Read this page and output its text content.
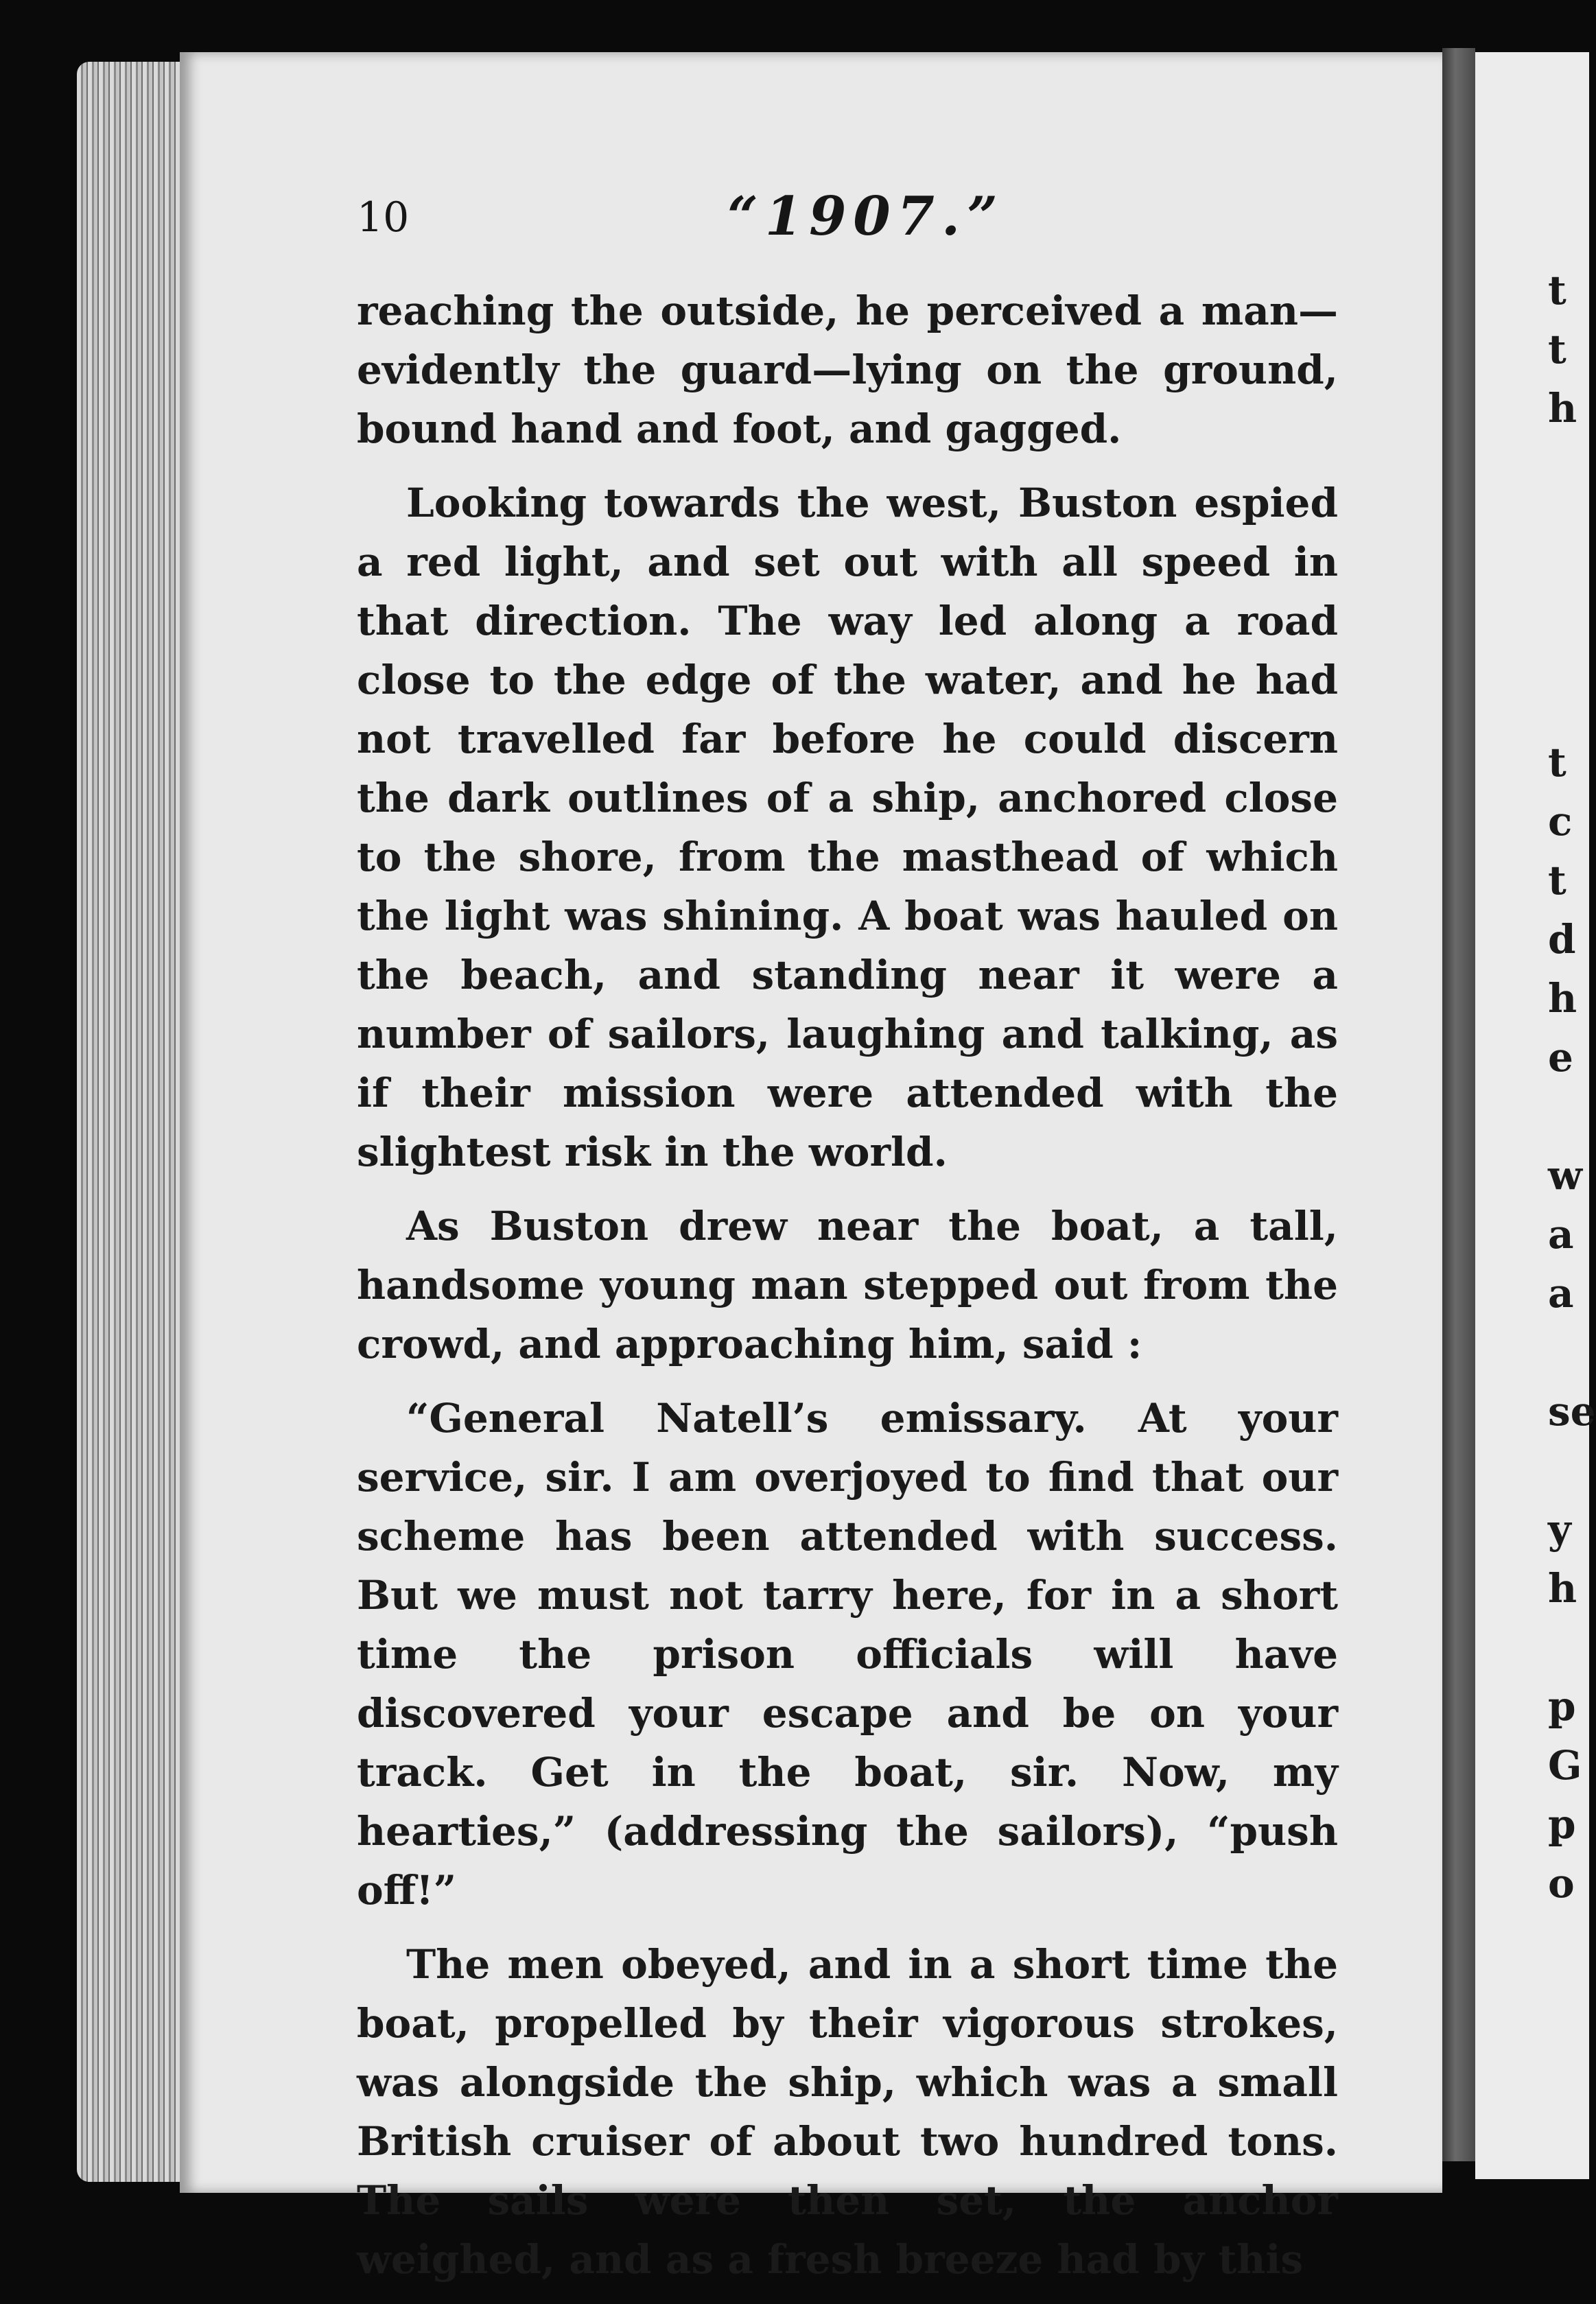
10	“1907.”

reaching the outside, he perceived a man—evidently the guard—lying on the ground, bound hand and foot, and gagged.

Looking towards the west, Buston espied a red light, and set out with all speed in that direction. The way led along a road close to the edge of the water, and he had not travelled far before he could discern the dark outlines of a ship, anchored close to the shore, from the masthead of which the light was shining. A boat was hauled on the beach, and standing near it were a number of sailors, laughing and talking, as if their mission were attended with the slightest risk in the world.

As Buston drew near the boat, a tall, handsome young man stepped out from the crowd, and approaching him, said :

“General Natell’s emissary. At your service, sir. I am overjoyed to find that our scheme has been attended with success. But we must not tarry here, for in a short time the prison officials will have discovered your escape and be on your track. Get in the boat, sir. Now, my hearties,” (addressing the sailors), “push off!”

The men obeyed, and in a short time the boat, propelled by their vigorous strokes, was alongside the ship, which was a small British cruiser of about two hundred tons. The sails were then set, the anchor weighed, and as a fresh breeze had by this

t
t
h
t
c
t
d
h
e
w
a
a
se
y
h
p
G
p
o
